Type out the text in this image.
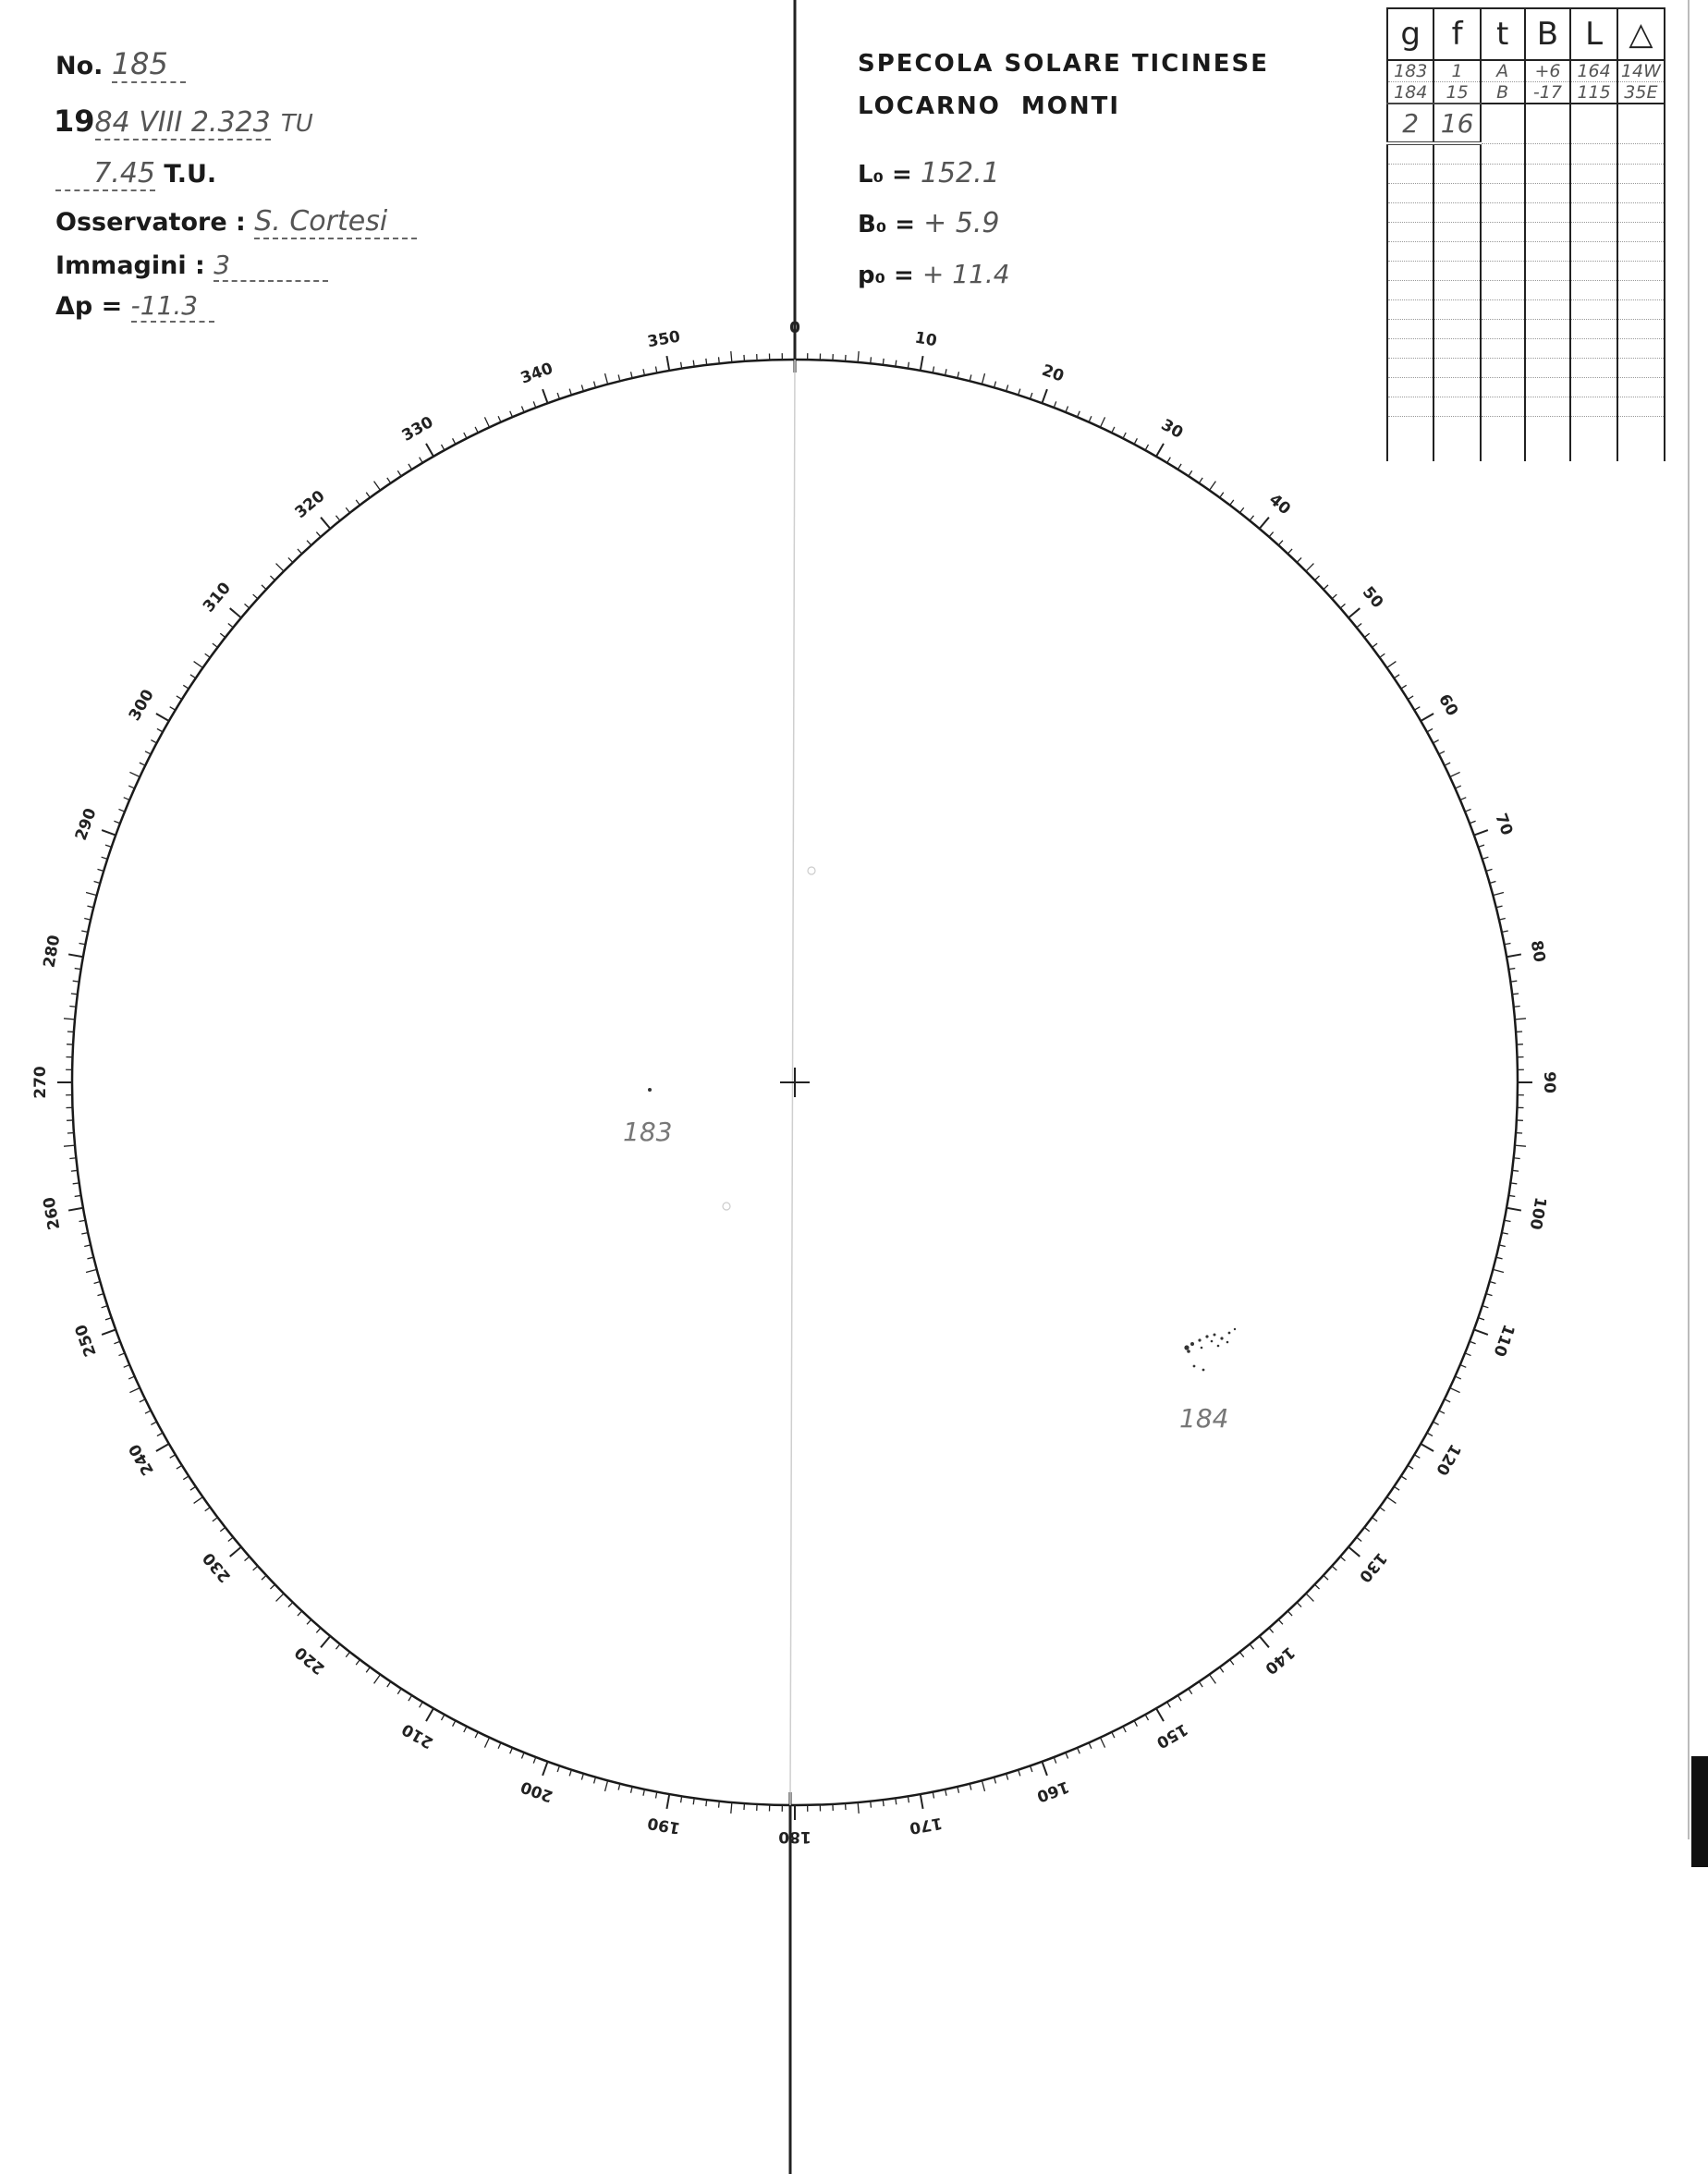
0
10
20
30
40
50
60
70
80
90
100
110
120
130
140
150
160
170
180
190
200
210
220
230
240
250
260
270
280
290
300
310
320
330
340
350
No. 185
1984 VIII 2.323 TU
7.45 T.U.
Osservatore : S. Cortesi
Immagini : 3
Δp = -11.3
SPECOLA SOLARE TICINESE
LOCARNO  MONTI
L₀ = 152.1
B₀ = + 5.9
p₀ = + 11.4
g	f	t	B	L	△
183	1	A	+6	164	14W
184	15	B	-17	115	35E
2	16				

183
184
